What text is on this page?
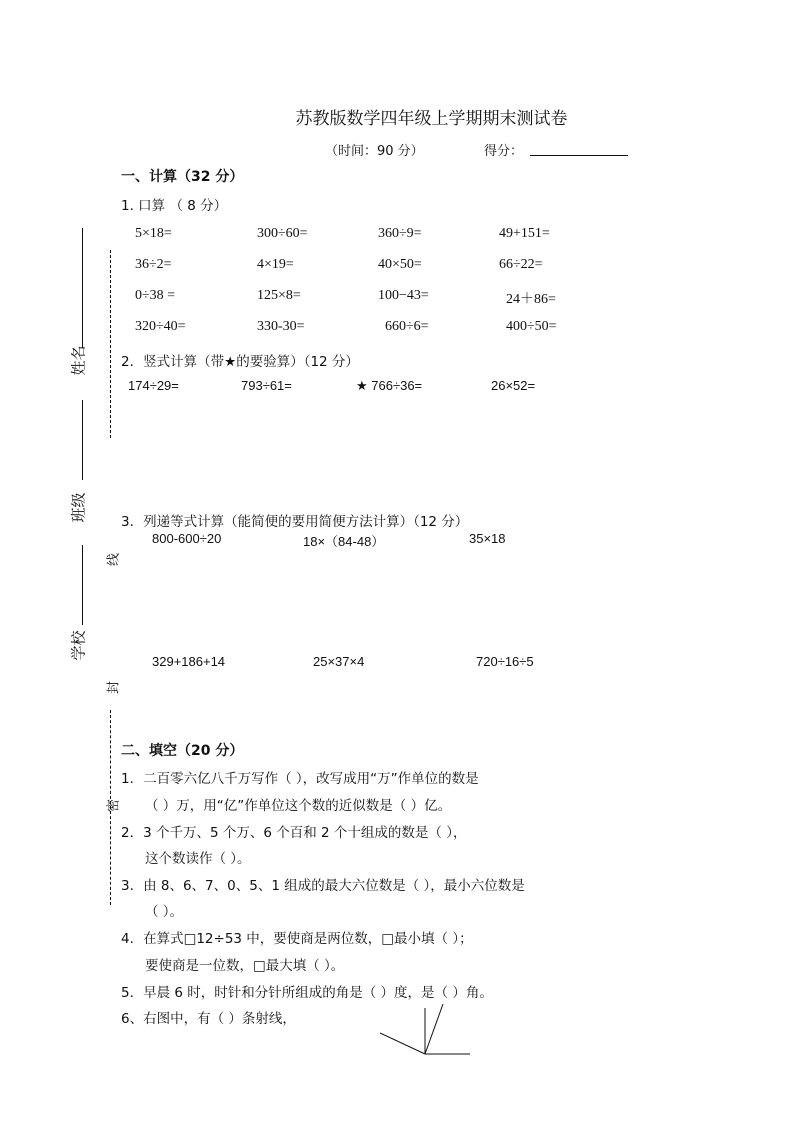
苏教版数学四年级上学期期末测试卷
（时间：90 分）	得分：
姓名
班级
学校
线
封
密
一、计算（32 分）
1. 口算 （ 8 分）
5×18=	300÷60=	360÷9=	49+151=
36÷2=	4×19=	40×50=	66÷22=
0÷38 =	125×8=	100−43=	24＋86=
320÷40=	330-30=	660÷6=	400÷50=
2．竖式计算（带★的要验算）（12 分）
174÷29=	793÷61=	★ 766÷36=	26×52=
3．列递等式计算（能简便的要用简便方法计算）（12 分）
800-600÷20	18×（84-48）	35×18
329+186+14	25×37×4	720÷16÷5
二、填空（20 分）
1．二百零六亿八千万写作（ ），改写成用“万”作单位的数是
（ ）万，用“亿”作单位这个数的近似数是（ ）亿。
2．3 个千万、5 个万、6 个百和 2 个十组成的数是（ ），
这个数读作（ ）。
3．由 8、6、7、0、5、1 组成的最大六位数是（ ），最小六位数是
（ ）。
4．在算式□12÷53 中，要使商是两位数，□最小填（ ）；
要使商是一位数，□最大填（ ）。
5．早晨 6 时，时针和分针所组成的角是（ ）度，是（ ）角。
6、右图中，有（ ）条射线，
